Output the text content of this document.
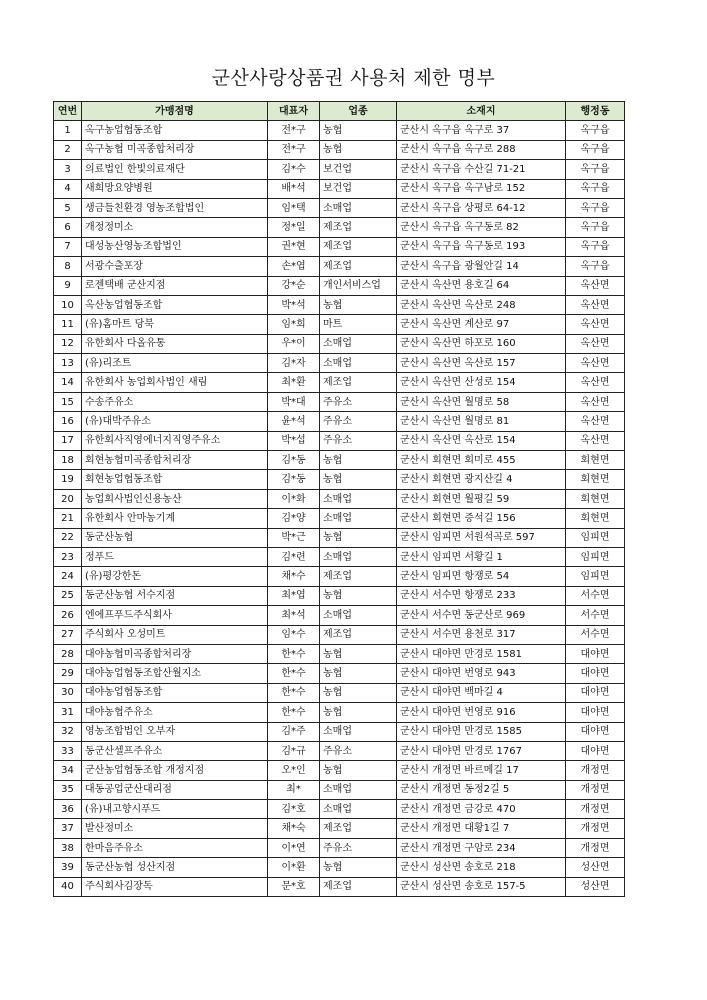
군산사랑상품권 사용처 제한 명부
연번	가맹점명	대표자	업종	소재지	행정동
1	옥구농업협동조합	전*구	농협	군산시 옥구읍 옥구로 37	옥구읍
2	옥구농협 미곡종합처리장	전*구	농협	군산시 옥구읍 옥구로 288	옥구읍
3	의료법인 한빛의료재단	김*수	보건업	군산시 옥구읍 수산길 71-21	옥구읍
4	새희망요양병원	배*석	보건업	군산시 옥구읍 옥구남로 152	옥구읍
5	생금들친환경 영농조합법인	임*택	소매업	군산시 옥구읍 상평로 64-12	옥구읍
6	개정정미소	정*일	제조업	군산시 옥구읍 옥구동로 82	옥구읍
7	대성농산영농조합법인	권*현	제조업	군산시 옥구읍 옥구동로 193	옥구읍
8	서광수출포장	손*엽	제조업	군산시 옥구읍 광월안길 14	옥구읍
9	로젠택배 군산지점	강*순	개인서비스업	군산시 옥산면 용호길 64	옥산면
10	옥산농업협동조합	박*석	농협	군산시 옥산면 옥산로 248	옥산면
11	(유)홈마트 당북	임*희	마트	군산시 옥산면 계산로 97	옥산면
12	유한회사 다올유통	우*이	소매업	군산시 옥산면 하포로 160	옥산면
13	(유)리조트	김*자	소매업	군산시 옥산면 옥산로 157	옥산면
14	유한회사 농업회사법인 새림	최*환	제조업	군산시 옥산면 산성로 154	옥산면
15	수송주유소	박*대	주유소	군산시 옥산면 월명로 58	옥산면
16	(유)대박주유소	윤*석	주유소	군산시 옥산면 월명로 81	옥산면
17	유한회사직영에너지직영주유소	박*섭	주유소	군산시 옥산면 옥산로 154	옥산면
18	회현농협미곡종합처리장	김*동	농협	군산시 회현면 회미로 455	회현면
19	회현농업협동조합	김*동	농협	군산시 회현면 광지산길 4	회현면
20	농업회사법인신용농산	이*화	소매업	군산시 회현면 월평길 59	회현면
21	유한회사 안마농기계	김*양	소매업	군산시 회현면 증석길 156	회현면
22	동군산농협	박*근	농협	군산시 임피면 서원석곡로 597	임피면
23	정푸드	김*련	소매업	군산시 임피면 서황길 1	임피면
24	(유)평강한돈	채*수	제조업	군산시 임피면 항쟁로 54	임피면
25	동군산농협 서수지점	최*엽	농협	군산시 서수면 항쟁로 233	서수면
26	엔에프푸드주식회사	최*석	소매업	군산시 서수면 동군산로 969	서수면
27	주식회사 오성미트	임*수	제조업	군산시 서수면 용천로 317	서수면
28	대야농협미곡종합처리장	한*수	농협	군산시 대야면 만경로 1581	대야면
29	대야농업협동조합산월지소	한*수	농협	군산시 대야면 번영로 943	대야면
30	대야농업협동조합	한*수	농협	군산시 대야면 백마길 4	대야면
31	대야농협주유소	한*수	농협	군산시 대야면 번영로 916	대야면
32	영농조합법인 오부자	김*주	소매업	군산시 대야면 만경로 1585	대야면
33	동군산셀프주유소	김*규	주유소	군산시 대야면 만경로 1767	대야면
34	군산농업협동조합 개정지점	오*인	농협	군산시 개정면 바르메길 17	개정면
35	대동공업군산대리점	최*	소매업	군산시 개정면 동정2길 5	개정면
36	(유)내고향시푸드	김*호	소매업	군산시 개정면 금강로 470	개정면
37	발산정미소	채*숙	제조업	군산시 개정면 대황1길 7	개정면
38	한마음주유소	이*연	주유소	군산시 개정면 구암로 234	개정면
39	동군산농협 성산지점	이*환	농협	군산시 성산면 송호로 218	성산면
40	주식회사김장독	문*호	제조업	군산시 성산면 송호로 157-5	성산면
